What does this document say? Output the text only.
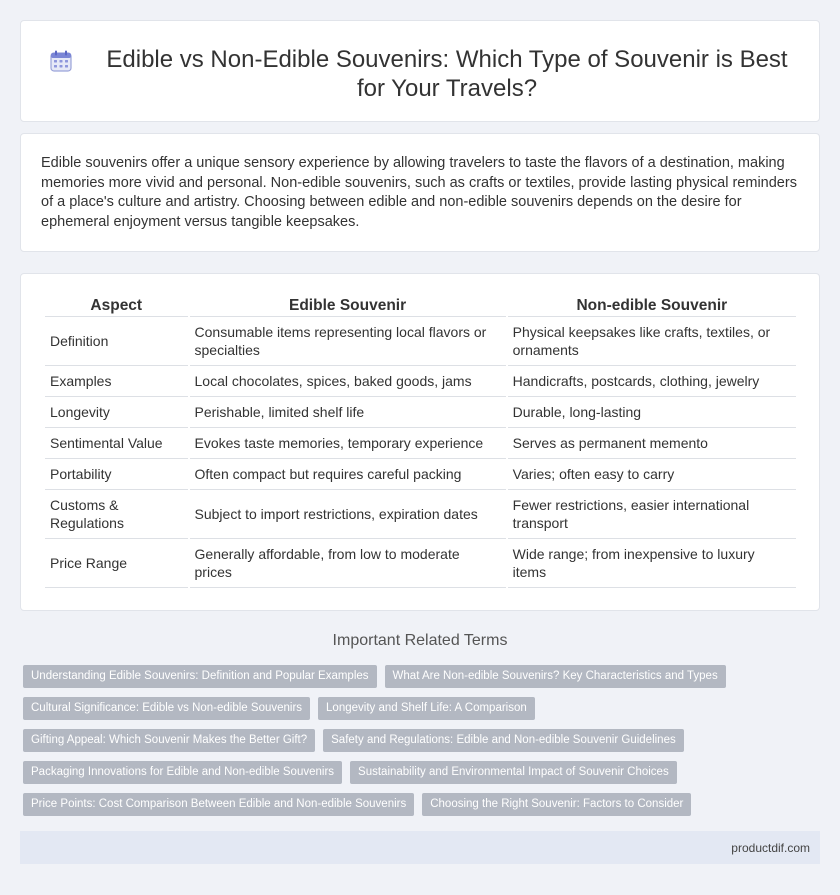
Edible vs Non-Edible Souvenirs: Which Type of Souvenir is Best for Your Travels?

Edible souvenirs offer a unique sensory experience by allowing travelers to taste the flavors of a destination, making memories more vivid and personal. Non-edible souvenirs, such as crafts or textiles, provide lasting physical reminders of a place's culture and artistry. Choosing between edible and non-edible souvenirs depends on the desire for ephemeral enjoyment versus tangible keepsakes.

Aspect	Edible Souvenir	Non-edible Souvenir
Definition	Consumable items representing local flavors or specialties	Physical keepsakes like crafts, textiles, or ornaments
Examples	Local chocolates, spices, baked goods, jams	Handicrafts, postcards, clothing, jewelry
Longevity	Perishable, limited shelf life	Durable, long-lasting
Sentimental Value	Evokes taste memories, temporary experience	Serves as permanent memento
Portability	Often compact but requires careful packing	Varies; often easy to carry
Customs & Regulations	Subject to import restrictions, expiration dates	Fewer restrictions, easier international transport
Price Range	Generally affordable, from low to moderate prices	Wide range; from inexpensive to luxury items
Important Related Terms
Understanding Edible Souvenirs: Definition and Popular Examples	What Are Non-edible Souvenirs? Key Characteristics and Types
Cultural Significance: Edible vs Non-edible Souvenirs	Longevity and Shelf Life: A Comparison
Gifting Appeal: Which Souvenir Makes the Better Gift?	Safety and Regulations: Edible and Non-edible Souvenir Guidelines
Packaging Innovations for Edible and Non-edible Souvenirs	Sustainability and Environmental Impact of Souvenir Choices
Price Points: Cost Comparison Between Edible and Non-edible Souvenirs	Choosing the Right Souvenir: Factors to Consider
productdif.com
